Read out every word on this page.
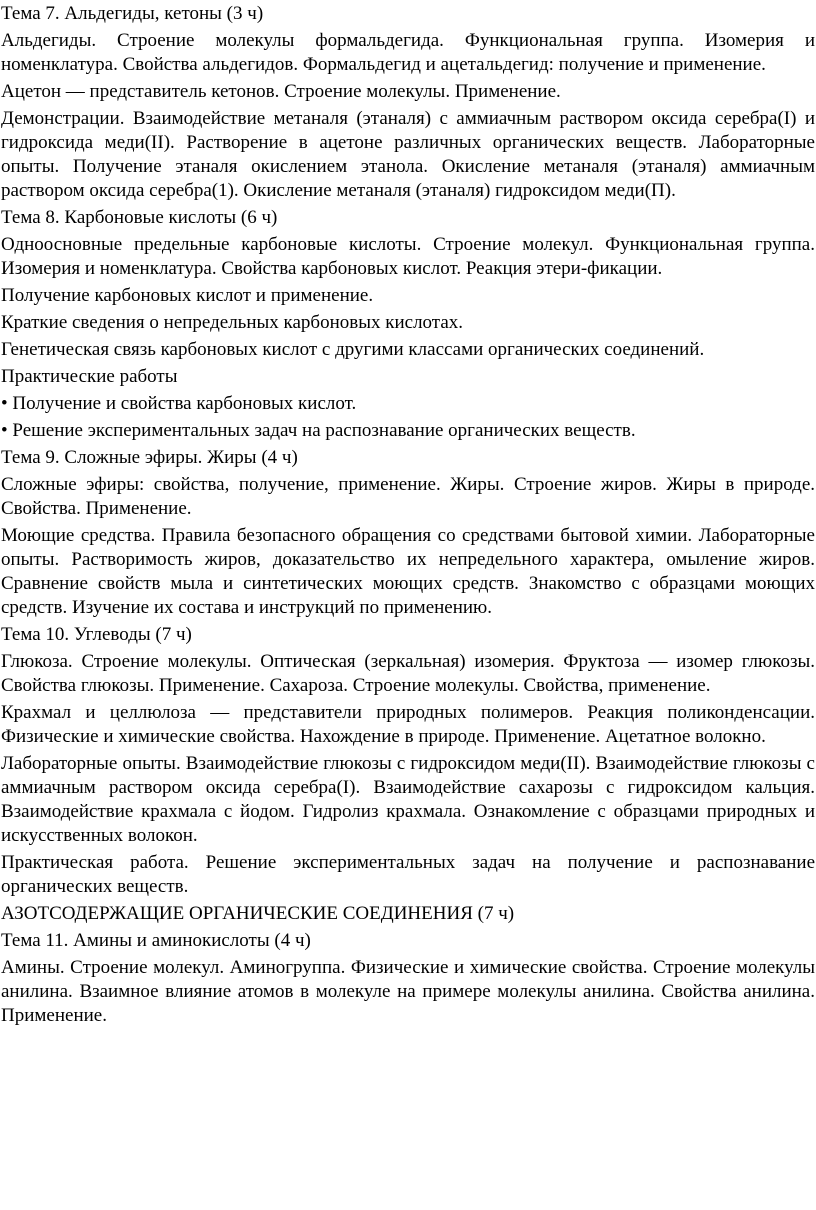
Тема 7. Альдегиды, кетоны (3 ч)

Альдегиды. Строение молекулы формальдегида. Функциональная группа. Изомерия и номенклатура. Свойства альдегидов. Формальдегид и ацетальдегид: получение и применение.

Ацетон — представитель кетонов. Строение молекулы. Применение.

Демонстрации. Взаимодействие метаналя (этаналя) с аммиачным раствором оксида серебра(I) и гидроксида меди(II). Растворение в ацетоне различных органических веществ. Лабораторные опыты. Получение этаналя окислением этанола. Окисление метаналя (этаналя) аммиачным раствором оксида серебра(1). Окисление метаналя (этаналя) гидроксидом меди(П).

Тема 8. Карбоновые кислоты (6 ч)

Одноосновные предельные карбоновые кислоты. Строение молекул. Функциональная группа. Изомерия и номенклатура. Свойства карбоновых кислот. Реакция этери-фикации.

Получение карбоновых кислот и применение.

Краткие сведения о непредельных карбоновых кислотах.

Генетическая связь карбоновых кислот с другими классами органических соединений.

Практические работы

• Получение и свойства карбоновых кислот.

• Решение экспериментальных задач на распознавание органических веществ.

Тема 9. Сложные эфиры. Жиры (4 ч)

Сложные эфиры: свойства, получение, применение. Жиры. Строение жиров. Жиры в природе. Свойства. Применение.

Моющие средства. Правила безопасного обращения со средствами бытовой химии. Лабораторные опыты. Растворимость жиров, доказательство их непредельного характера, омыление жиров. Сравнение свойств мыла и синтетических моющих средств. Знакомство с образцами моющих средств. Изучение их состава и инструкций по применению.

Тема 10. Углеводы (7 ч)

Глюкоза. Строение молекулы. Оптическая (зеркальная) изомерия. Фруктоза — изомер глюкозы. Свойства глюкозы. Применение. Сахароза. Строение молекулы. Свойства, применение.

Крахмал и целлюлоза — представители природных полимеров. Реакция поликонденсации. Физические и химические свойства. Нахождение в природе. Применение. Ацетатное волокно.

Лабораторные опыты. Взаимодействие глюкозы с гидроксидом меди(II). Взаимодействие глюкозы с аммиачным раствором оксида серебра(I). Взаимодействие сахарозы с гидроксидом кальция. Взаимодействие крахмала с йодом. Гидролиз крахмала. Ознакомление с образцами природных и искусственных волокон.

Практическая работа. Решение экспериментальных задач на получение и распознавание органических веществ.

АЗОТСОДЕРЖАЩИЕ ОРГАНИЧЕСКИЕ СОЕДИНЕНИЯ (7 ч)

Тема 11. Амины и аминокислоты (4 ч)

Амины. Строение молекул. Аминогруппа. Физические и химические свойства. Строение молекулы анилина. Взаимное влияние атомов в молекуле на примере молекулы анилина. Свойства анилина. Применение.
